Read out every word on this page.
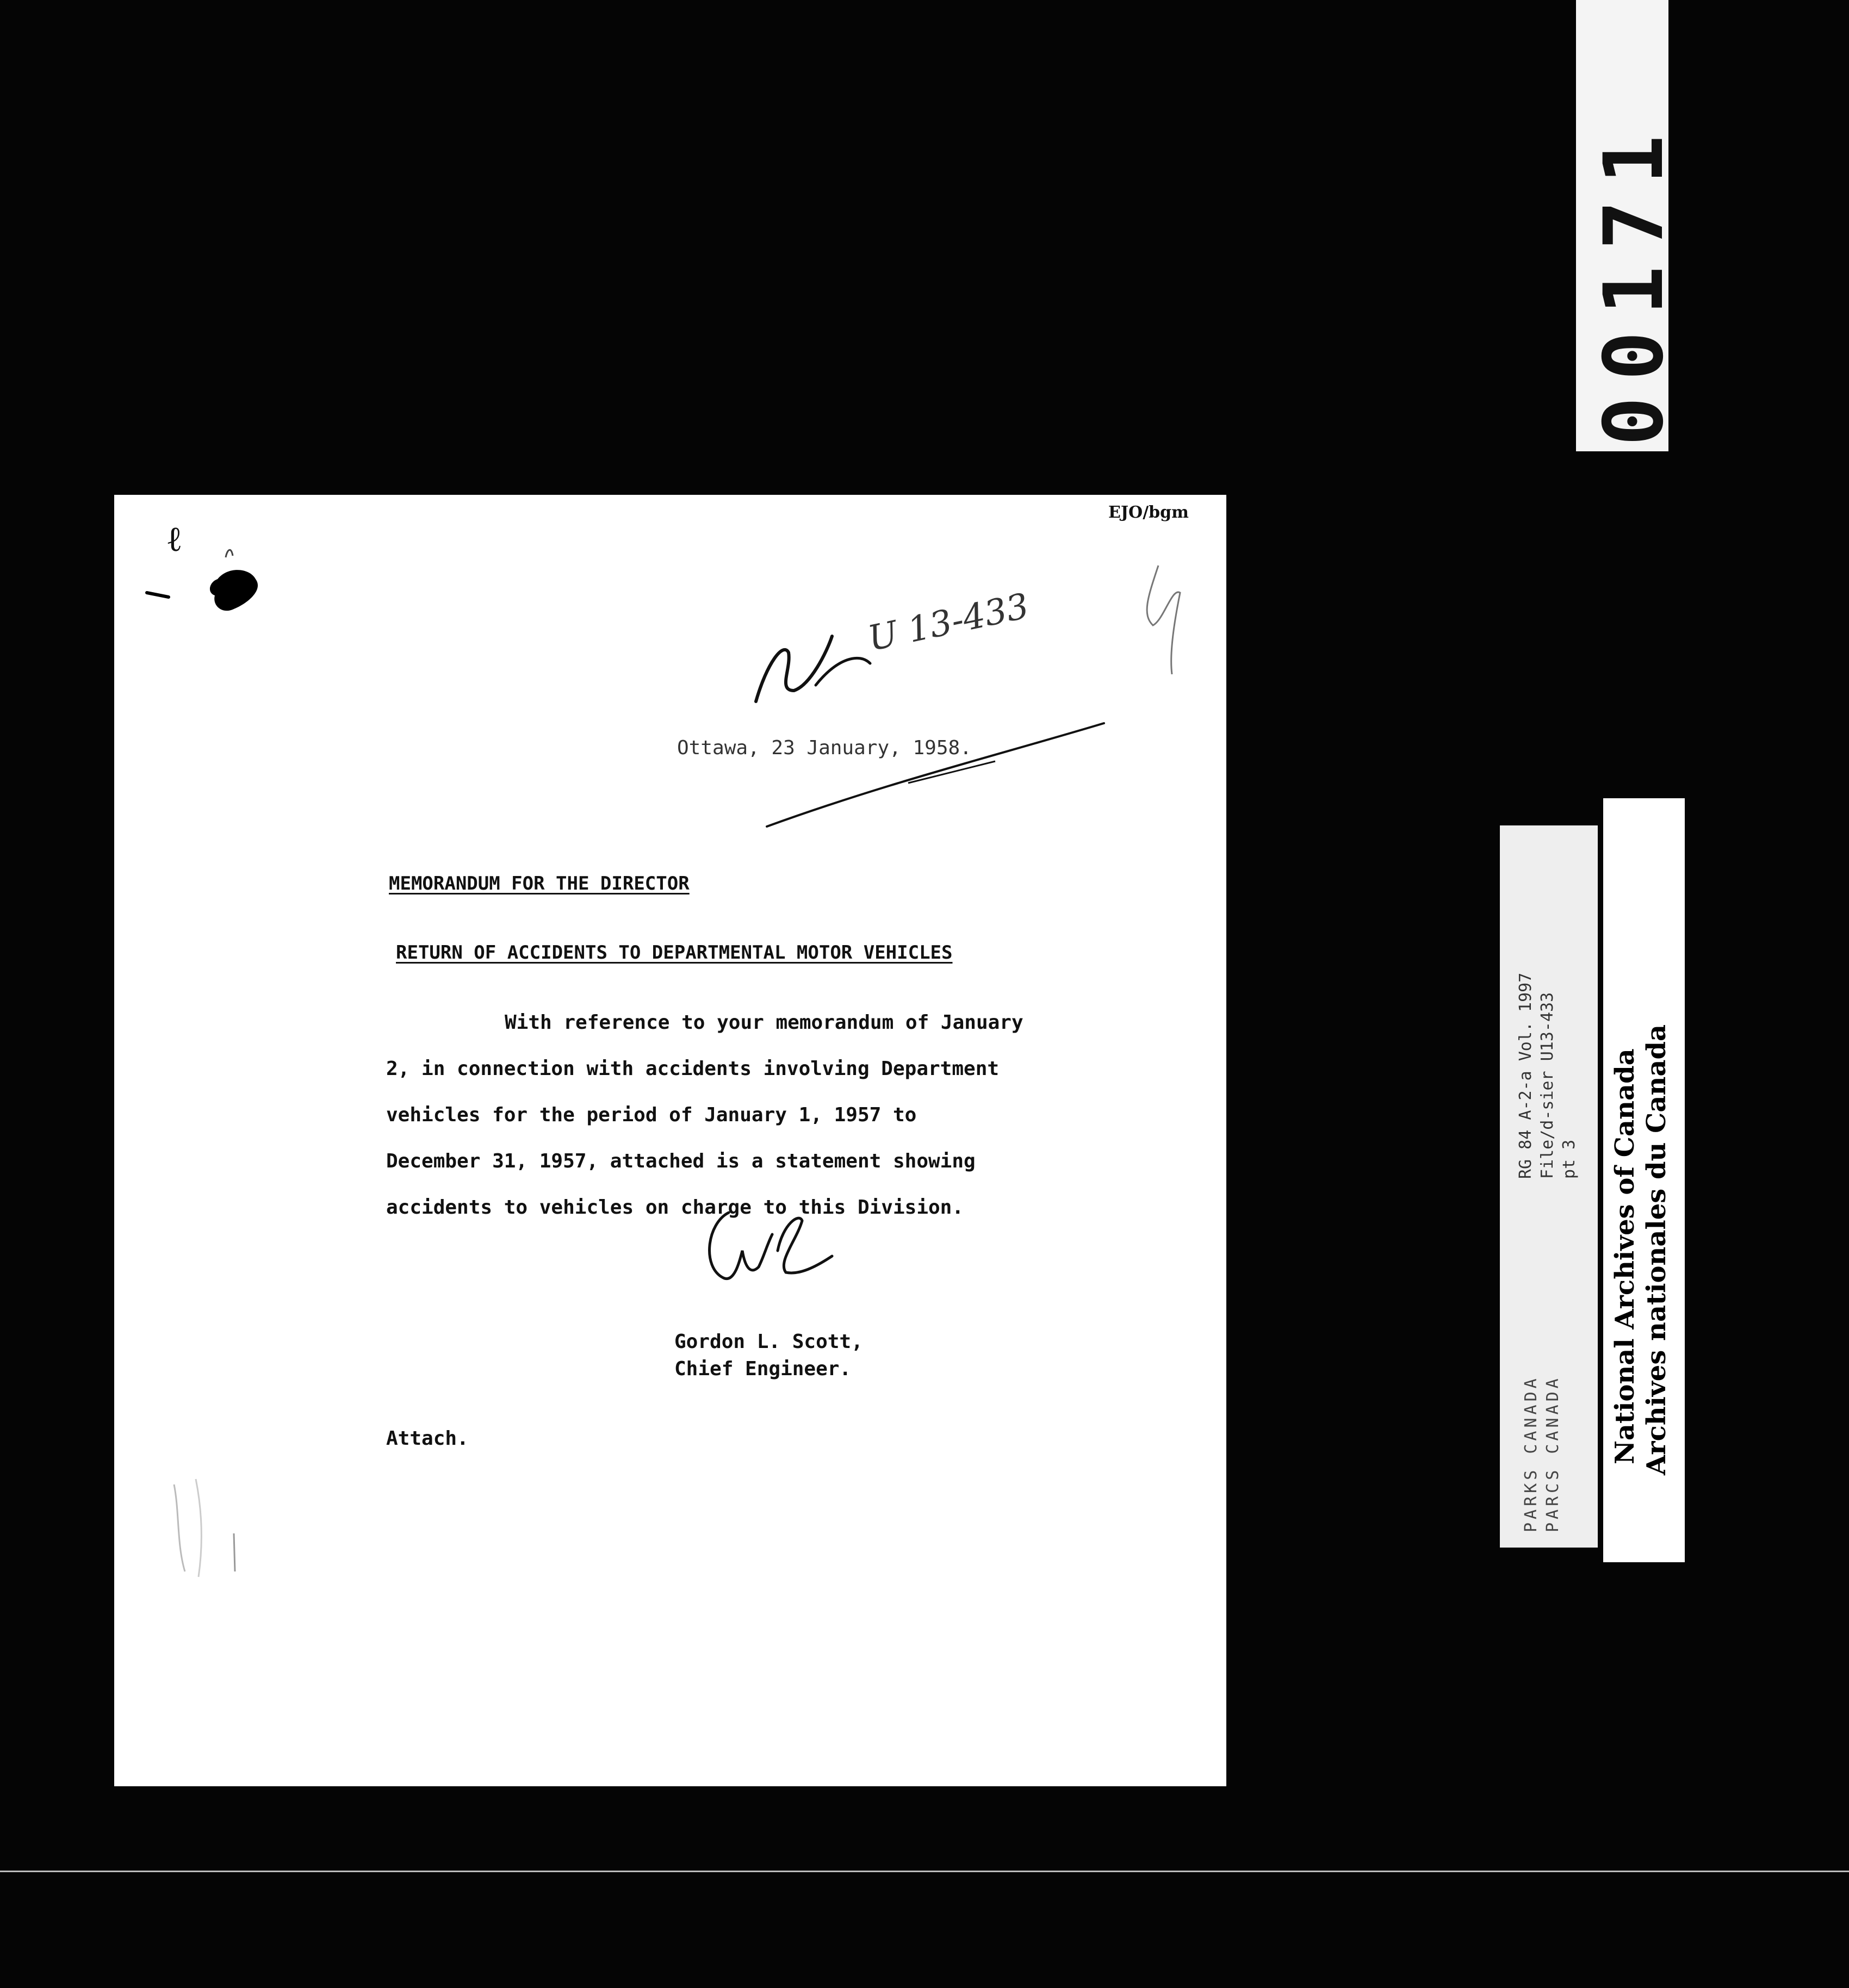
EJO/bgm
ℓ
U 13-433
Ottawa, 23 January, 1958.
MEMORANDUM FOR THE DIRECTOR
RETURN OF ACCIDENTS TO DEPARTMENTAL MOTOR VEHICLES
With reference to your memorandum of January
2, in connection with accidents involving Department
vehicles for the period of January 1, 1957 to
December 31, 1957, attached is a statement showing
accidents to vehicles on charge to this Division.
Gordon L. Scott,
Chief Engineer.
Attach.
00171
RG 84 A-2-a Vol. 1997 File/d-sier U13-433 pt 3
PARKS CANADA PARCS CANADA National Archives of Canada Archives nationales du Canada
